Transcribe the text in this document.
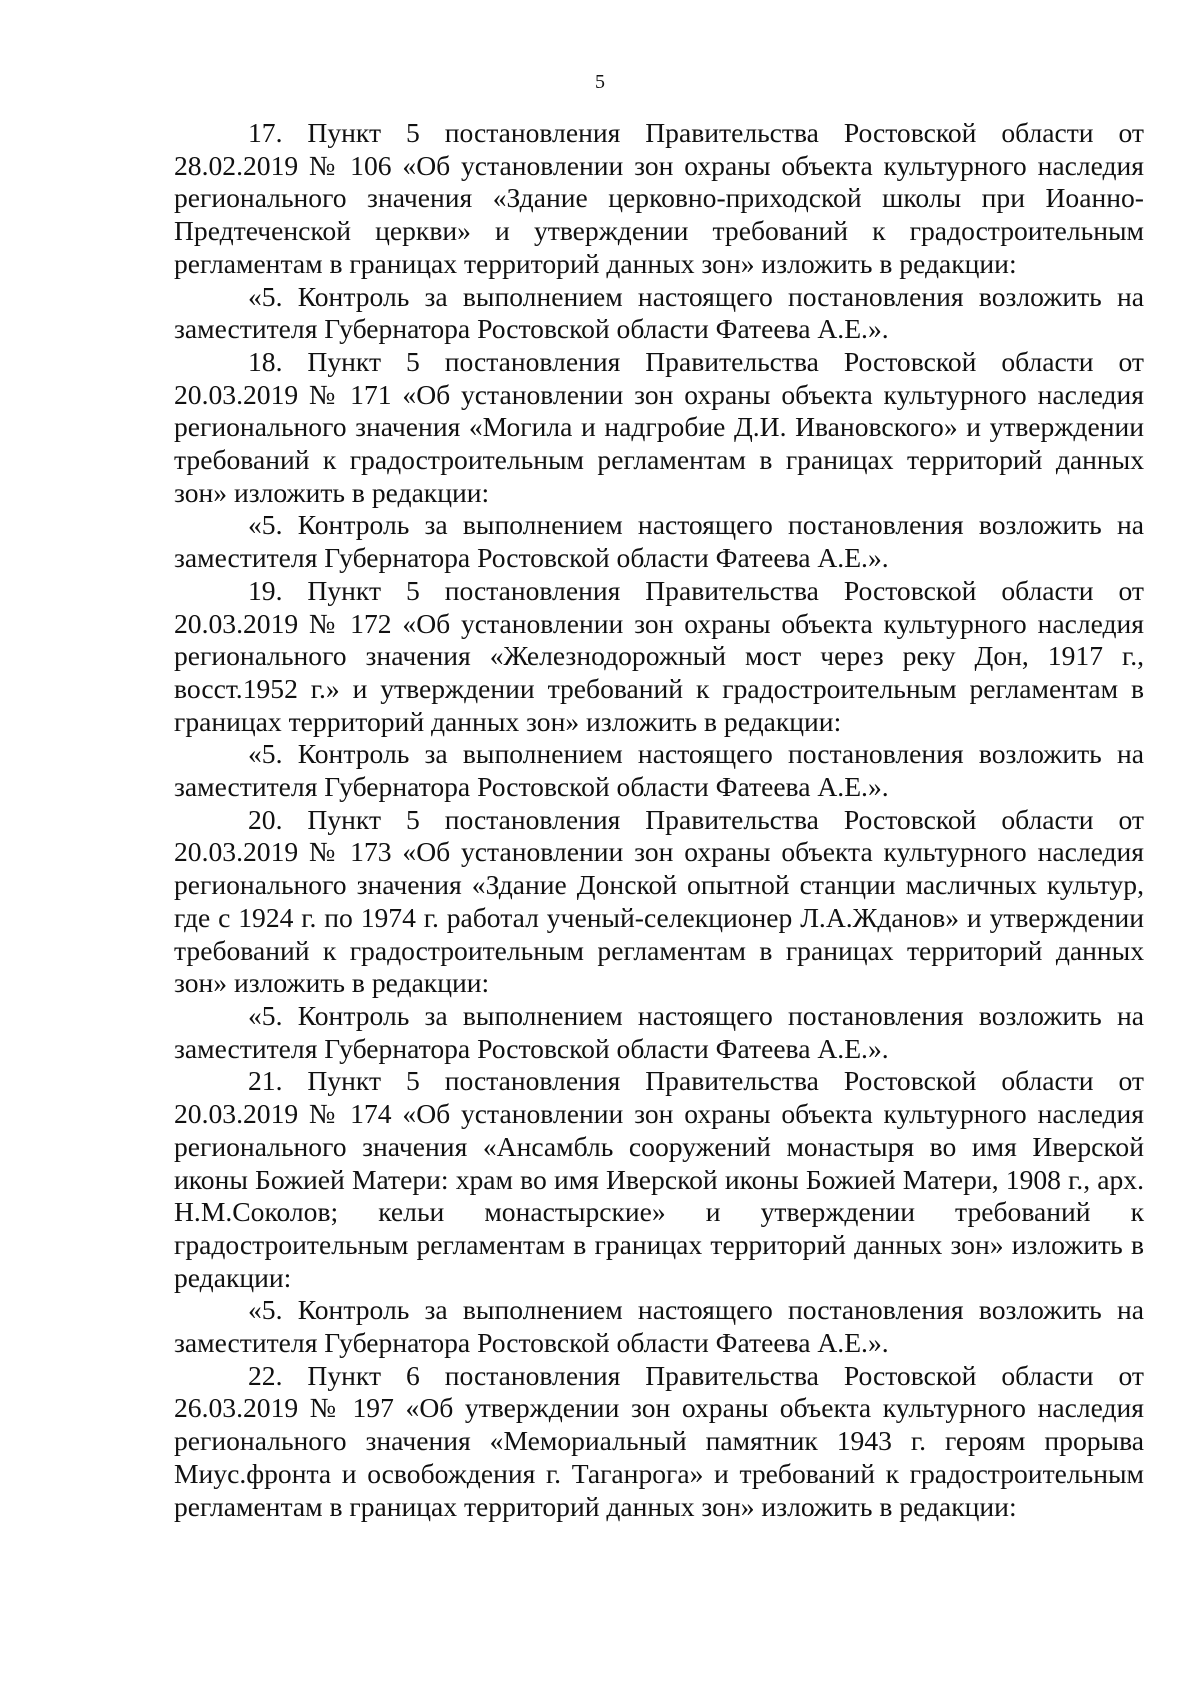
5

17. Пункт 5 постановления Правительства Ростовской области от 28.02.2019 № 106 «Об установлении зон охраны объекта культурного наследия регионального значения «Здание церковно-приходской школы при Иоанно-Предтеченской церкви» и утверждении требований к градостроительным регламентам в границах территорий данных зон» изложить в редакции:

«5. Контроль за выполнением настоящего постановления возложить на заместителя Губернатора Ростовской области Фатеева А.Е.».

18. Пункт 5 постановления Правительства Ростовской области от 20.03.2019 № 171 «Об установлении зон охраны объекта культурного наследия регионального значения «Могила и надгробие Д.И. Ивановского» и утверждении требований к градостроительным регламентам в границах территорий данных зон» изложить в редакции:

«5. Контроль за выполнением настоящего постановления возложить на заместителя Губернатора Ростовской области Фатеева А.Е.».

19. Пункт 5 постановления Правительства Ростовской области от 20.03.2019 № 172 «Об установлении зон охраны объекта культурного наследия регионального значения «Железнодорожный мост через реку Дон, 1917 г., восст.1952 г.» и утверждении требований к градостроительным регламентам в границах территорий данных зон» изложить в редакции:

«5. Контроль за выполнением настоящего постановления возложить на заместителя Губернатора Ростовской области Фатеева А.Е.».

20. Пункт 5 постановления Правительства Ростовской области от 20.03.2019 № 173 «Об установлении зон охраны объекта культурного наследия регионального значения «Здание Донской опытной станции масличных культур, где с 1924 г. по 1974 г. работал ученый-селекционер Л.А.Жданов» и утверждении требований к градостроительным регламентам в границах территорий данных зон» изложить в редакции:

«5. Контроль за выполнением настоящего постановления возложить на заместителя Губернатора Ростовской области Фатеева А.Е.».

21. Пункт 5 постановления Правительства Ростовской области от 20.03.2019 № 174 «Об установлении зон охраны объекта культурного наследия регионального значения «Ансамбль сооружений монастыря во имя Иверской иконы Божией Матери: храм во имя Иверской иконы Божией Матери, 1908 г., арх. Н.М.Соколов; кельи монастырские» и утверждении требований к градостроительным регламентам в границах территорий данных зон» изложить в редакции:

«5. Контроль за выполнением настоящего постановления возложить на заместителя Губернатора Ростовской области Фатеева А.Е.».

22. Пункт 6 постановления Правительства Ростовской области от 26.03.2019 № 197 «Об утверждении зон охраны объекта культурного наследия регионального значения «Мемориальный памятник 1943 г. героям прорыва Миус.фронта и освобождения г. Таганрога» и требований к градостроительным регламентам в границах территорий данных зон» изложить в редакции:
